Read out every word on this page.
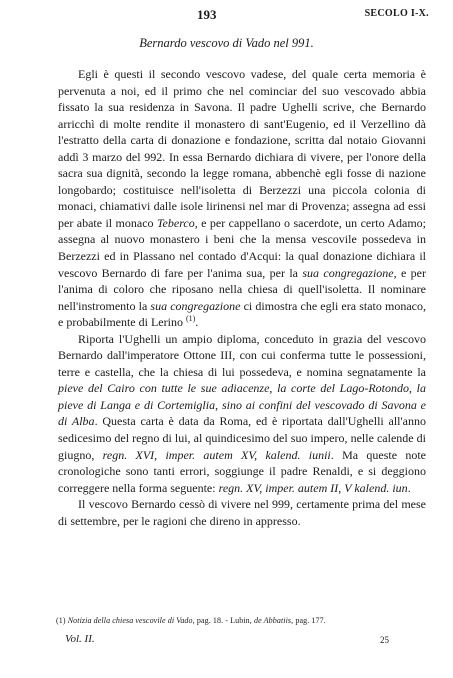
193	SECOLO I-X.
Bernardo vescovo di Vado nel 991.

Egli è questi il secondo vescovo vadese, del quale certa memoria è pervenuta a noi, ed il primo che nel cominciar del suo vescovado abbia fissato la sua residenza in Savona. Il padre Ughelli scrive, che Bernardo arricchì di molte rendite il monastero di sant'Eugenio, ed il Verzellino dà l'estratto della carta di donazione e fondazione, scritta dal notaio Giovanni addì 3 marzo del 992. In essa Bernardo dichiara di vivere, per l'onore della sacra sua dignità, secondo la legge romana, abbenchè egli fosse di nazione longobardo; costituisce nell'isoletta di Berzezzi una piccola colonia di monaci, chiamativi dalle isole lirinensi nel mar di Provenza; assegna ad essi per abate il monaco Teberco, e per cappellano o sacerdote, un certo Adamo; assegna al nuovo monastero i beni che la mensa vescovile possedeva in Berzezzi ed in Plassano nel contado d'Acqui: la qual donazione dichiara il vescovo Bernardo di fare per l'anima sua, per la sua congregazione, e per l'anima di coloro che riposano nella chiesa di quell'isoletta. Il nominare nell'instromento la sua congregazione ci dimostra che egli era stato monaco, e probabilmente di Lerino $^{(1)}$.

Riporta l'Ughelli un ampio diploma, conceduto in grazia del vescovo Bernardo dall'imperatore Ottone III, con cui conferma tutte le possessioni, terre e castella, che la chiesa di lui possedeva, e nomina segnatamente la pieve del Cairo con tutte le sue adiacenze, la corte del Lago-Rotondo, la pieve di Langa e di Cortemiglia, sino ai confini del vescovado di Savona e di Alba. Questa carta è data da Roma, ed è riportata dall'Ughelli all'anno sedicesimo del regno di lui, al quindicesimo del suo impero, nelle calende di giugno, regn. XVI, imper. autem XV, kalend. iunii. Ma queste note cronologiche sono tanti errori, soggiunge il padre Renaldi, e si deggiono correggere nella forma seguente: regn. XV, imper. autem II, V kalend. iun.

Il vescovo Bernardo cessò di vivere nel 999, certamente prima del mese di settembre, per le ragioni che direno in appresso.

(1) Notizia della chiesa vescovile di Vado, pag. 18. - Lubin, de Abbatiis, pag. 177.
Vol. II.	25
